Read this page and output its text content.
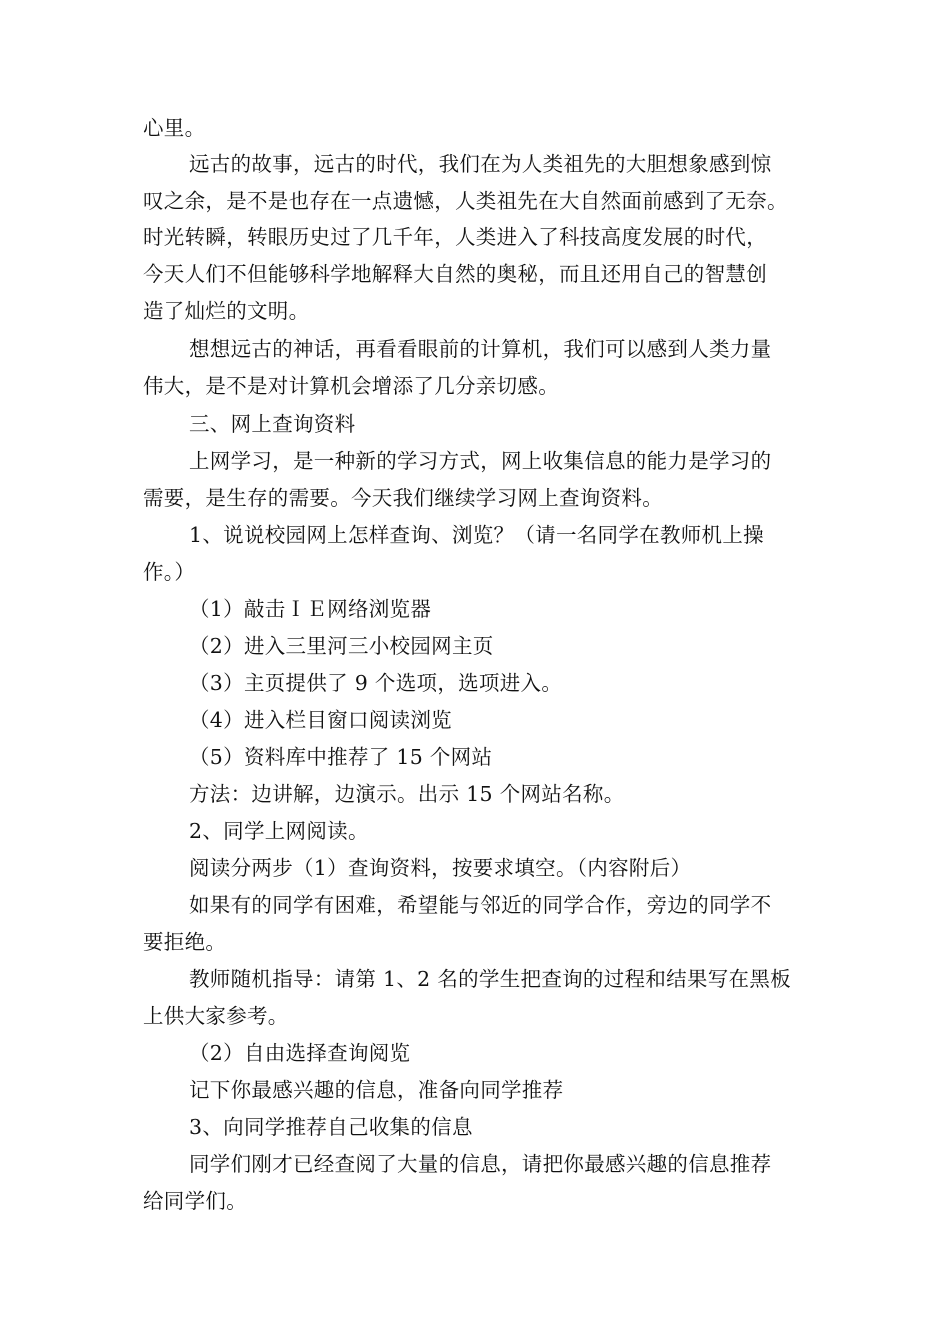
心里。
远古的故事，远古的时代，我们在为人类祖先的大胆想象感到惊
叹之余，是不是也存在一点遗憾，人类祖先在大自然面前感到了无奈。
时光转瞬，转眼历史过了几千年，人类进入了科技高度发展的时代，
今天人们不但能够科学地解释大自然的奥秘，而且还用自己的智慧创
造了灿烂的文明。
想想远古的神话，再看看眼前的计算机，我们可以感到人类力量
伟大，是不是对计算机会增添了几分亲切感。
三、网上查询资料
上网学习，是一种新的学习方式，网上收集信息的能力是学习的
需要，是生存的需要。今天我们继续学习网上查询资料。
1、说说校园网上怎样查询、浏览？（请一名同学在教师机上操
作。）
（1）敲击ＩＥ网络浏览器
（2）进入三里河三小校园网主页
（3）主页提供了 9 个选项，选项进入。
（4）进入栏目窗口阅读浏览
（5）资料库中推荐了 15 个网站
方法：边讲解，边演示。出示 15 个网站名称。
2、同学上网阅读。
阅读分两步（1）查询资料，按要求填空。（内容附后）
如果有的同学有困难，希望能与邻近的同学合作，旁边的同学不
要拒绝。
教师随机指导：请第 1、2 名的学生把查询的过程和结果写在黑板
上供大家参考。
（2）自由选择查询阅览
记下你最感兴趣的信息，准备向同学推荐
3、向同学推荐自己收集的信息
同学们刚才已经查阅了大量的信息，请把你最感兴趣的信息推荐
给同学们。
